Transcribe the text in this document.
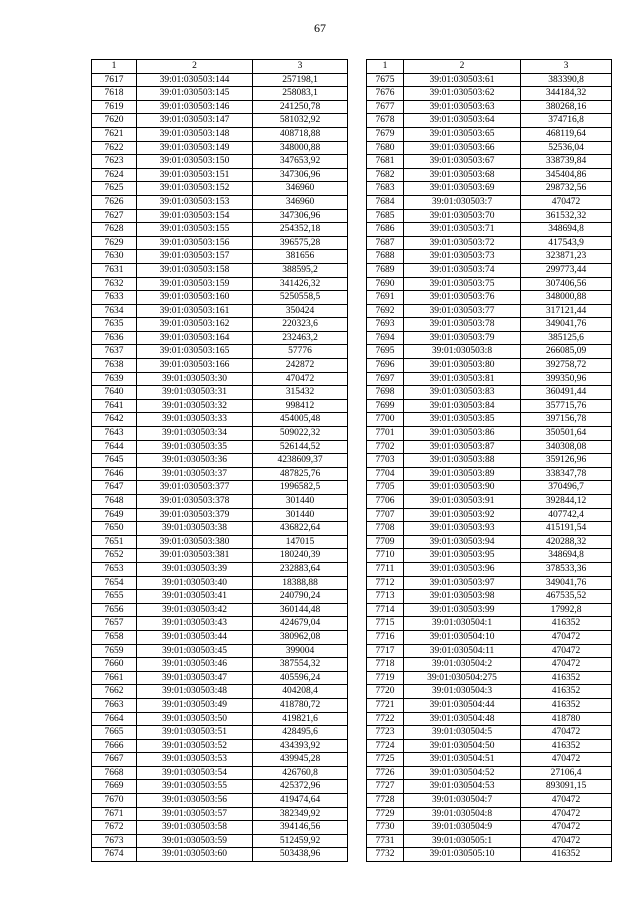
67
1	2	3
7617	39:01:030503:144	257198,1
7618	39:01:030503:145	258083,1
7619	39:01:030503:146	241250,78
7620	39:01:030503:147	581032,92
7621	39:01:030503:148	408718,88
7622	39:01:030503:149	348000,88
7623	39:01:030503:150	347653,92
7624	39:01:030503:151	347306,96
7625	39:01:030503:152	346960
7626	39:01:030503:153	346960
7627	39:01:030503:154	347306,96
7628	39:01:030503:155	254352,18
7629	39:01:030503:156	396575,28
7630	39:01:030503:157	381656
7631	39:01:030503:158	388595,2
7632	39:01:030503:159	341426,32
7633	39:01:030503:160	5250558,5
7634	39:01:030503:161	350424
7635	39:01:030503:162	220323,6
7636	39:01:030503:164	232463,2
7637	39:01:030503:165	57776
7638	39:01:030503:166	242872
7639	39:01:030503:30	470472
7640	39:01:030503:31	315432
7641	39:01:030503:32	998412
7642	39:01:030503:33	454005,48
7643	39:01:030503:34	509022,32
7644	39:01:030503:35	526144,52
7645	39:01:030503:36	4238609,37
7646	39:01:030503:37	487825,76
7647	39:01:030503:377	1996582,5
7648	39:01:030503:378	301440
7649	39:01:030503:379	301440
7650	39:01:030503:38	436822,64
7651	39:01:030503:380	147015
7652	39:01:030503:381	180240,39
7653	39:01:030503:39	232883,64
7654	39:01:030503:40	18388,88
7655	39:01:030503:41	240790,24
7656	39:01:030503:42	360144,48
7657	39:01:030503:43	424679,04
7658	39:01:030503:44	380962,08
7659	39:01:030503:45	399004
7660	39:01:030503:46	387554,32
7661	39:01:030503:47	405596,24
7662	39:01:030503:48	404208,4
7663	39:01:030503:49	418780,72
7664	39:01:030503:50	419821,6
7665	39:01:030503:51	428495,6
7666	39:01:030503:52	434393,92
7667	39:01:030503:53	439945,28
7668	39:01:030503:54	426760,8
7669	39:01:030503:55	425372,96
7670	39:01:030503:56	419474,64
7671	39:01:030503:57	382349,92
7672	39:01:030503:58	394146,56
7673	39:01:030503:59	512459,92
7674	39:01:030503:60	503438,96
1	2	3
7675	39:01:030503:61	383390,8
7676	39:01:030503:62	344184,32
7677	39:01:030503:63	380268,16
7678	39:01:030503:64	374716,8
7679	39:01:030503:65	468119,64
7680	39:01:030503:66	52536,04
7681	39:01:030503:67	338739,84
7682	39:01:030503:68	345404,86
7683	39:01:030503:69	298732,56
7684	39:01:030503:7	470472
7685	39:01:030503:70	361532,32
7686	39:01:030503:71	348694,8
7687	39:01:030503:72	417543,9
7688	39:01:030503:73	323871,23
7689	39:01:030503:74	299773,44
7690	39:01:030503:75	307406,56
7691	39:01:030503:76	348000,88
7692	39:01:030503:77	317121,44
7693	39:01:030503:78	349041,76
7694	39:01:030503:79	385125,6
7695	39:01:030503:8	266085,09
7696	39:01:030503:80	392758,72
7697	39:01:030503:81	399350,96
7698	39:01:030503:83	360491,44
7699	39:01:030503:84	357715,76
7700	39:01:030503:85	397156,78
7701	39:01:030503:86	350501,64
7702	39:01:030503:87	340308,08
7703	39:01:030503:88	359126,96
7704	39:01:030503:89	338347,78
7705	39:01:030503:90	370496,7
7706	39:01:030503:91	392844,12
7707	39:01:030503:92	407742,4
7708	39:01:030503:93	415191,54
7709	39:01:030503:94	420288,32
7710	39:01:030503:95	348694,8
7711	39:01:030503:96	378533,36
7712	39:01:030503:97	349041,76
7713	39:01:030503:98	467535,52
7714	39:01:030503:99	17992,8
7715	39:01:030504:1	416352
7716	39:01:030504:10	470472
7717	39:01:030504:11	470472
7718	39:01:030504:2	470472
7719	39:01:030504:275	416352
7720	39:01:030504:3	416352
7721	39:01:030504:44	416352
7722	39:01:030504:48	418780
7723	39:01:030504:5	470472
7724	39:01:030504:50	416352
7725	39:01:030504:51	470472
7726	39:01:030504:52	27106,4
7727	39:01:030504:53	893091,15
7728	39:01:030504:7	470472
7729	39:01:030504:8	470472
7730	39:01:030504:9	470472
7731	39:01:030505:1	470472
7732	39:01:030505:10	416352
